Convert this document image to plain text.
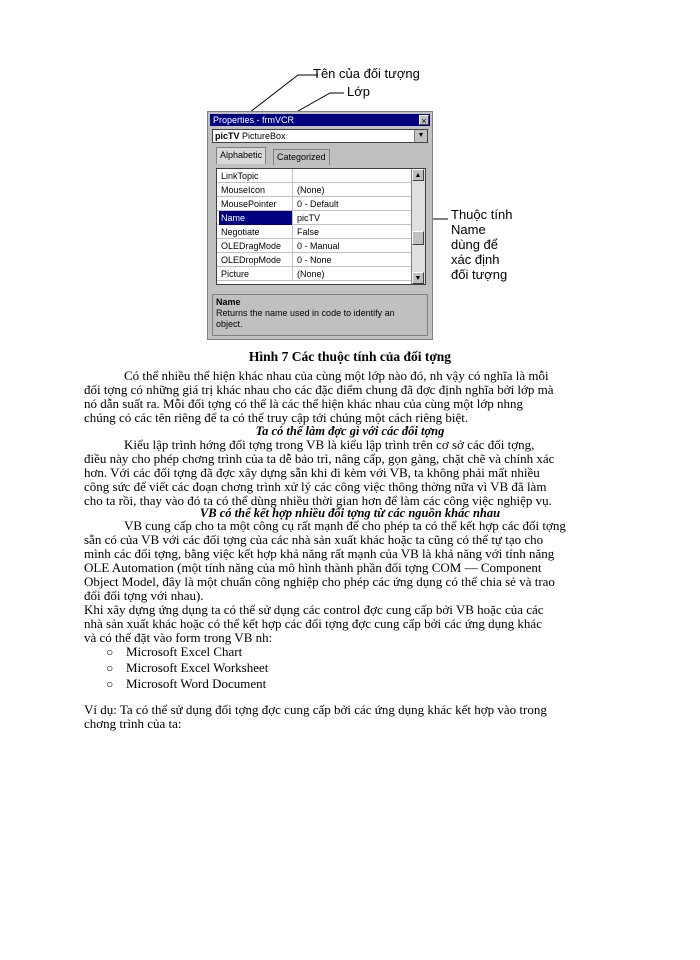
Tên của đối tượng
Lớp
Thuộc tính
Name
dùng để
xác định
đối tượng
Properties - frmVCR	×
picTV PictureBox	▼
Alphabetic	Categorized
LinkTopic
MouseIcon	(None)
MousePointer	0 - Default
Name	picTV
Negotiate	False
OLEDragMode	0 - Manual
OLEDropMode	0 - None
Picture	(None)
▲
▼
Name
Returns the name used in code to identify an
object.
Hình 7 Các thuộc tính của đối tợng
Có thể nhiều thể hiện khác nhau của cùng một lớp nào đó, nh vậy có nghĩa là mỗi
đối tợng có những giá trị khác nhau cho các đặc điểm chung đã đợc định nghĩa bởi lớp mà
nó dẫn suất ra. Mỗi đối tợng có thể là các thể hiện khác nhau của cùng một lớp nhng
chúng có các tên riêng để ta có thể truy cập tới chúng một cách riêng biệt.
Ta có thể làm đợc gì với các đối tợng
Kiểu lập trình hớng đối tợng trong VB là kiểu lập trình trên cơ sở các đối tợng,
điều này cho phép chơng trình của ta dễ bảo trì, nâng cấp, gọn gàng, chặt chẽ và chính xác
hơn. Với các đối tợng đã đợc xây dựng sẵn khi đi kèm với VB, ta không phải mất nhiều
công sức để viết các đoạn chơng trình xử lý các công việc thông thờng nữa vì VB đã làm
cho ta rồi, thay vào đó ta có thể dùng nhiều thời gian hơn để làm các công việc nghiệp vụ.
VB có thể kết hợp nhiều đối tợng từ các nguồn khác nhau
VB cung cấp cho ta một công cụ rất mạnh để cho phép ta có thể kết hợp các đối tợng
sẵn có của VB với các đối tợng của các nhà sản xuất khác hoặc ta cũng có thể tự tạo cho
mình các đối tợng, bằng việc kết hợp khả năng rất mạnh của VB là khả năng với tính năng
OLE Automation (một tính năng của mô hình thành phần đối tợng COM — Component
Object Model, đây là một chuẩn công nghiệp cho phép các ứng dụng có thể chia sẻ và trao
đổi đối tợng với nhau).
Khi xây dựng ứng dụng ta có thể sử dụng các control đợc cung cấp bởi VB hoặc của các
nhà sản xuất khác hoặc có thể kết hợp các đối tợng đợc cung cấp bởi các ứng dụng khác
và có thể đặt vào form trong VB nh:
○ Microsoft Excel Chart
○ Microsoft Excel Worksheet
○ Microsoft Word Document
Ví dụ: Ta có thể sử dụng đối tợng đợc cung cấp bởi các ứng dụng khác kết hợp vào trong
chơng trình của ta:
